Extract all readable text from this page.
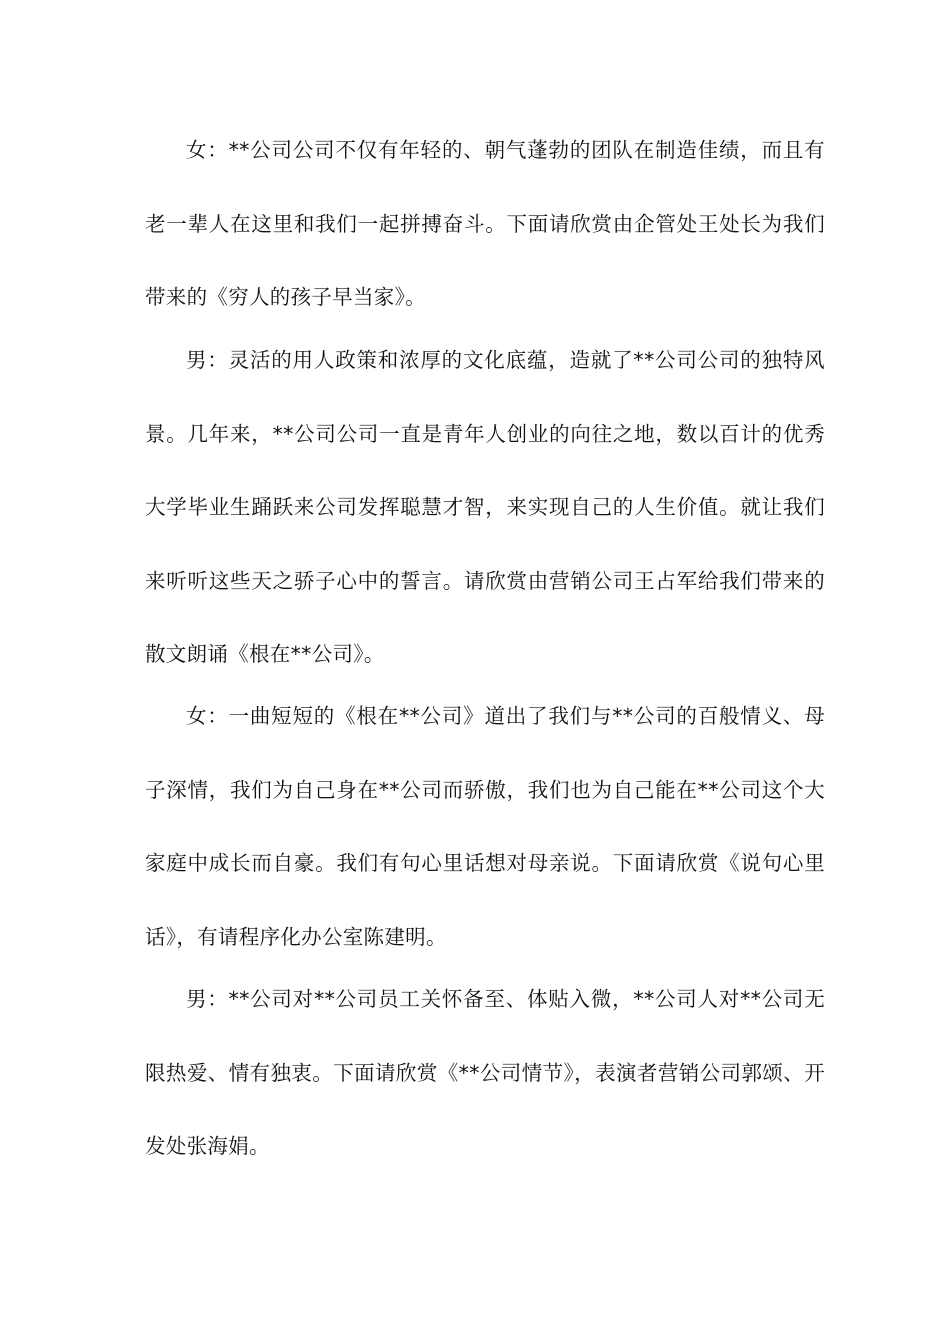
女：**公司公司不仅有年轻的、朝气蓬勃的团队在制造佳绩，而且有老一辈人在这里和我们一起拼搏奋斗。下面请欣赏由企管处王处长为我们带来的《穷人的孩子早当家》。

男：灵活的用人政策和浓厚的文化底蕴，造就了**公司公司的独特风景。几年来，**公司公司一直是青年人创业的向往之地，数以百计的优秀大学毕业生踊跃来公司发挥聪慧才智，来实现自己的人生价值。就让我们来听听这些天之骄子心中的誓言。请欣赏由营销公司王占军给我们带来的散文朗诵《根在**公司》。

女：一曲短短的《根在**公司》道出了我们与**公司的百般情义、母子深情，我们为自己身在**公司而骄傲，我们也为自己能在**公司这个大家庭中成长而自豪。我们有句心里话想对母亲说。下面请欣赏《说句心里话》，有请程序化办公室陈建明。

男：**公司对**公司员工关怀备至、体贴入微，**公司人对**公司无限热爱、情有独衷。下面请欣赏《**公司情节》，表演者营销公司郭颂、开发处张海娟。
